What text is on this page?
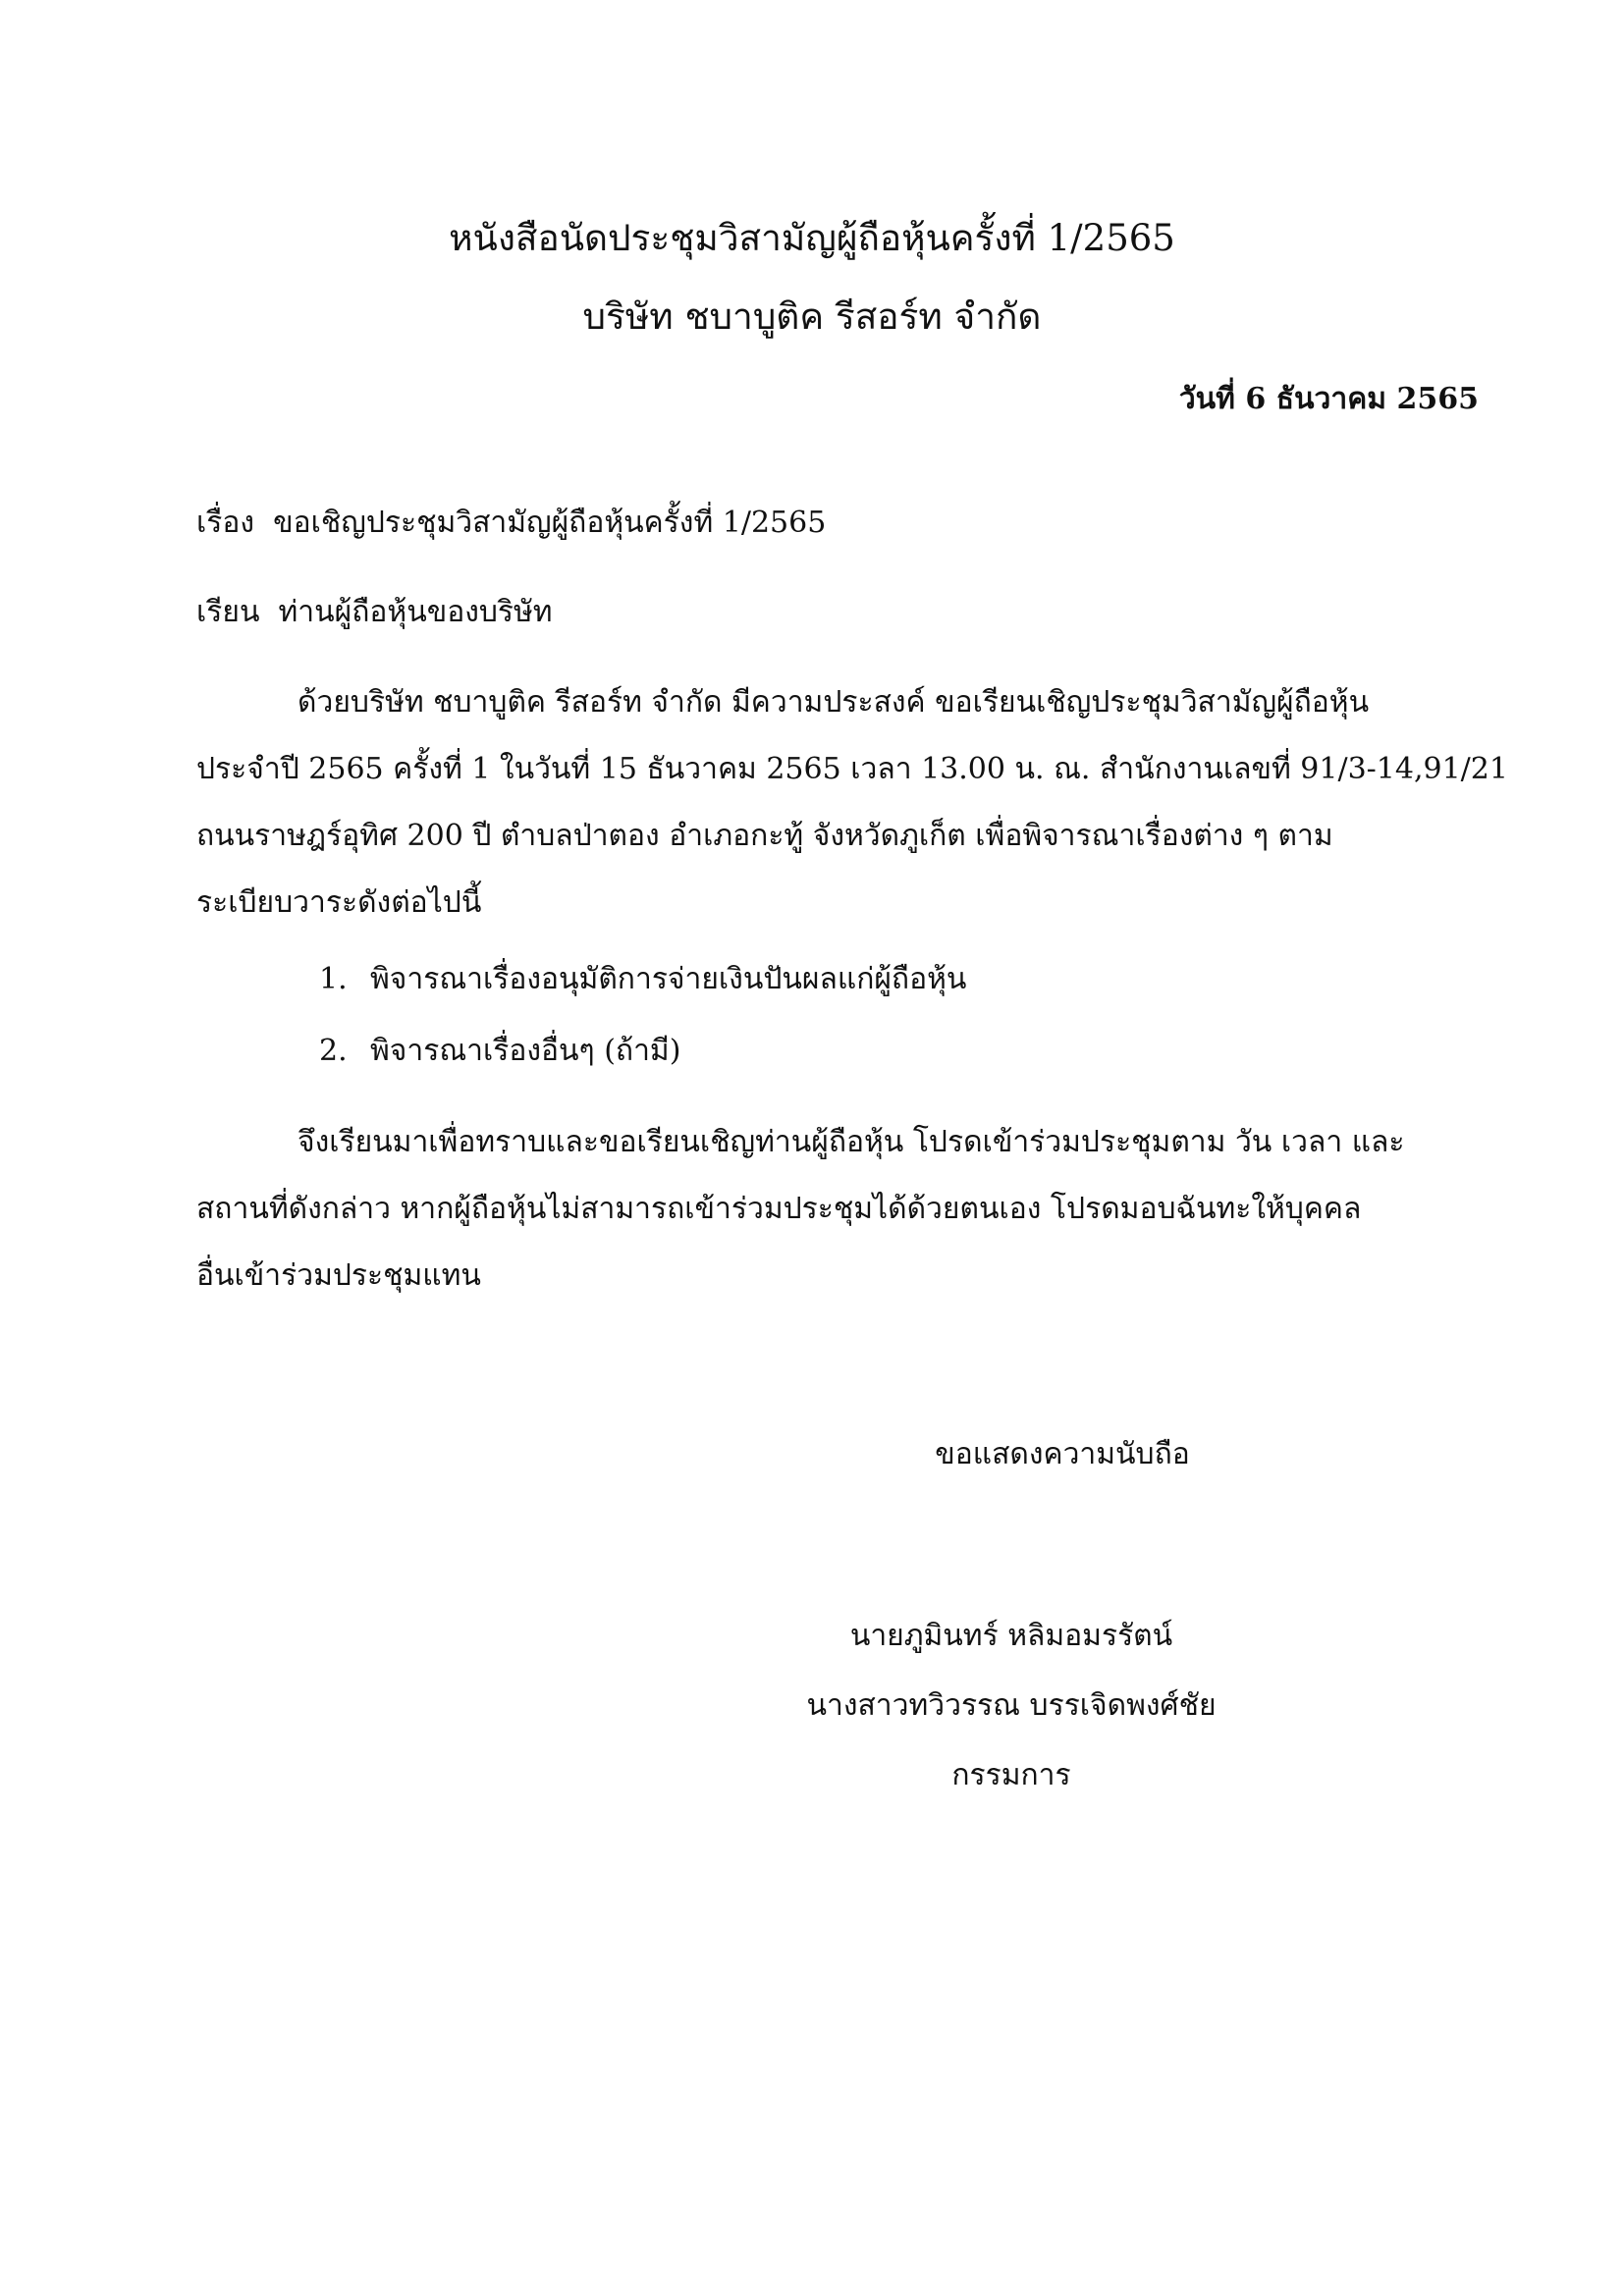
หนังสือนัดประชุมวิสามัญผู้ถือหุ้นครั้งที่ 1/2565
บริษัท ชบาบูติค รีสอร์ท จำกัด
วันที่ 6 ธันวาคม 2565
เรื่อง ขอเชิญประชุมวิสามัญผู้ถือหุ้นครั้งที่ 1/2565
เรียน ท่านผู้ถือหุ้นของบริษัท
ด้วยบริษัท ชบาบูติค รีสอร์ท จำกัด มีความประสงค์ ขอเรียนเชิญประชุมวิสามัญผู้ถือหุ้น
ประจำปี 2565 ครั้งที่ 1 ในวันที่ 15 ธันวาคม 2565 เวลา 13.00 น. ณ. สำนักงานเลขที่ 91/3-14,91/21
ถนนราษฎร์อุทิศ 200 ปี ตำบลป่าตอง อำเภอกะทู้ จังหวัดภูเก็ต เพื่อพิจารณาเรื่องต่าง ๆ ตาม
ระเบียบวาระดังต่อไปนี้
1. พิจารณาเรื่องอนุมัติการจ่ายเงินปันผลแก่ผู้ถือหุ้น
2. พิจารณาเรื่องอื่นๆ (ถ้ามี)
จึงเรียนมาเพื่อทราบและขอเรียนเชิญท่านผู้ถือหุ้น โปรดเข้าร่วมประชุมตาม วัน เวลา และ
สถานที่ดังกล่าว หากผู้ถือหุ้นไม่สามารถเข้าร่วมประชุมได้ด้วยตนเอง โปรดมอบฉันทะให้บุคคล
อื่นเข้าร่วมประชุมแทน
ขอแสดงความนับถือ
นายภูมินทร์ หลิมอมรรัตน์
นางสาวทวิวรรณ บรรเจิดพงศ์ชัย
กรรมการ
